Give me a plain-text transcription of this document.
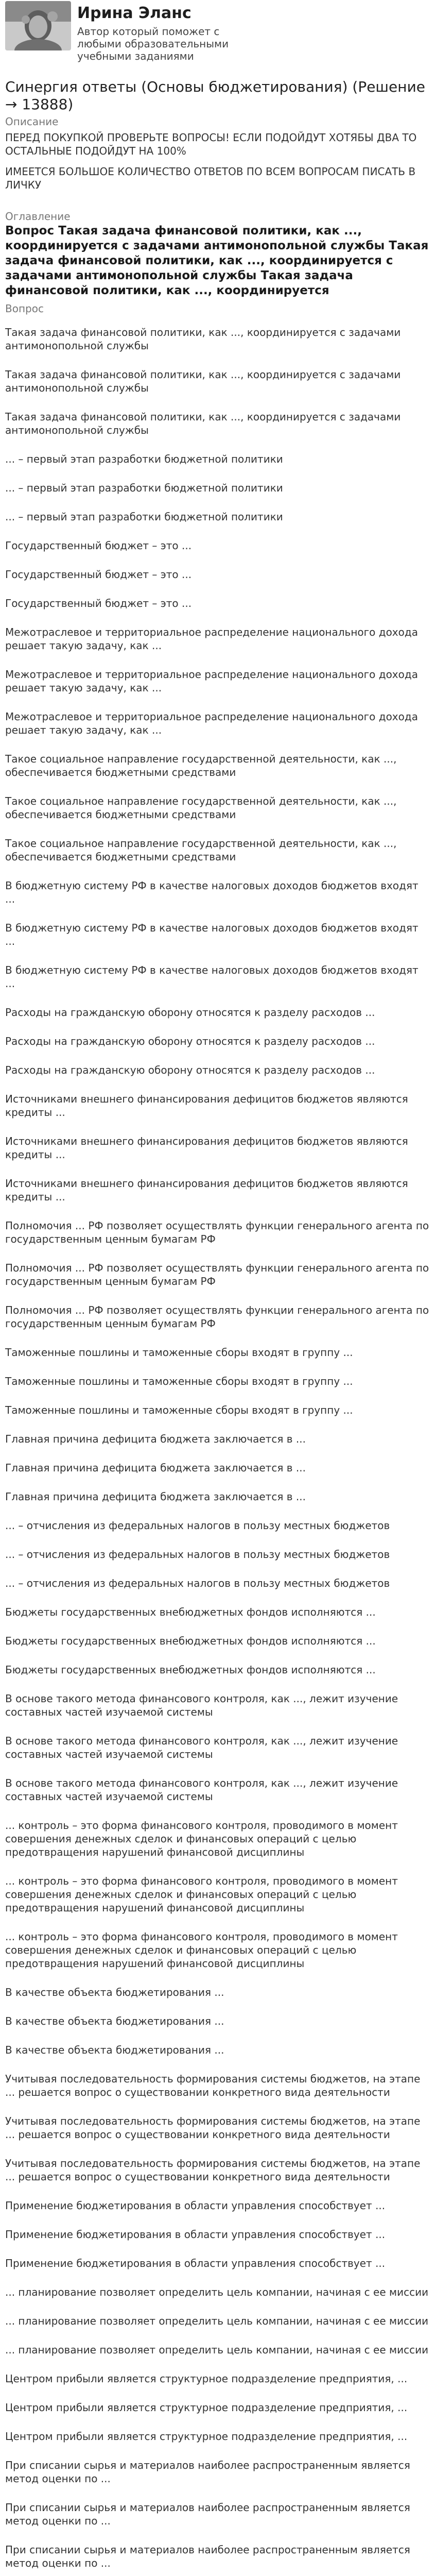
Ирина Эланс
Автор который поможет с любыми образовательными учебными заданиями
Синергия ответы (Основы бюджетирования) (Решение → 13888)
Описание
ПЕРЕД ПОКУПКОЙ ПРОВЕРЬТЕ ВОПРОСЫ! ЕСЛИ ПОДОЙДУТ ХОТЯБЫ ДВА ТО ОСТАЛЬНЫЕ ПОДОЙДУТ НА 100%
ИМЕЕТСЯ БОЛЬШОЕ КОЛИЧЕСТВО ОТВЕТОВ ПО ВСЕМ ВОПРОСАМ ПИСАТЬ В ЛИЧКУ
Оглавление
Вопрос Такая задача финансовой политики, как ..., координируется с задачами антимонопольной службы Такая задача финансовой политики, как ..., координируется с задачами антимонопольной службы Такая задача финансовой политики, как ..., координируется
Вопрос
Такая задача финансовой политики, как ..., координируется с задачами антимонопольной службы
Такая задача финансовой политики, как ..., координируется с задачами антимонопольной службы
Такая задача финансовой политики, как ..., координируется с задачами антимонопольной службы
... – первый этап разработки бюджетной политики
... – первый этап разработки бюджетной политики
... – первый этап разработки бюджетной политики
Государственный бюджет – это ...
Государственный бюджет – это ...
Государственный бюджет – это ...
Межотраслевое и территориальное распределение национального дохода решает такую задачу, как ...
Межотраслевое и территориальное распределение национального дохода решает такую задачу, как ...
Межотраслевое и территориальное распределение национального дохода решает такую задачу, как ...
Такое социальное направление государственной деятельности, как ..., обеспечивается бюджетными средствами
Такое социальное направление государственной деятельности, как ..., обеспечивается бюджетными средствами
Такое социальное направление государственной деятельности, как ..., обеспечивается бюджетными средствами
В бюджетную систему РФ в качестве налоговых доходов бюджетов входят ...
В бюджетную систему РФ в качестве налоговых доходов бюджетов входят ...
В бюджетную систему РФ в качестве налоговых доходов бюджетов входят ...
Расходы на гражданскую оборону относятся к разделу расходов ...
Расходы на гражданскую оборону относятся к разделу расходов ...
Расходы на гражданскую оборону относятся к разделу расходов ...
Источниками внешнего финансирования дефицитов бюджетов являются кредиты ...
Источниками внешнего финансирования дефицитов бюджетов являются кредиты ...
Источниками внешнего финансирования дефицитов бюджетов являются кредиты ...
Полномочия ... РФ позволяет осуществлять функции генерального агента по государственным ценным бумагам РФ
Полномочия ... РФ позволяет осуществлять функции генерального агента по государственным ценным бумагам РФ
Полномочия ... РФ позволяет осуществлять функции генерального агента по государственным ценным бумагам РФ
Таможенные пошлины и таможенные сборы входят в группу ...
Таможенные пошлины и таможенные сборы входят в группу ...
Таможенные пошлины и таможенные сборы входят в группу ...
Главная причина дефицита бюджета заключается в ...
Главная причина дефицита бюджета заключается в ...
Главная причина дефицита бюджета заключается в ...
... – отчисления из федеральных налогов в пользу местных бюджетов
... – отчисления из федеральных налогов в пользу местных бюджетов
... – отчисления из федеральных налогов в пользу местных бюджетов
Бюджеты государственных внебюджетных фондов исполняются ...
Бюджеты государственных внебюджетных фондов исполняются ...
Бюджеты государственных внебюджетных фондов исполняются ...
В основе такого метода финансового контроля, как ..., лежит изучение составных частей изучаемой системы
В основе такого метода финансового контроля, как ..., лежит изучение составных частей изучаемой системы
В основе такого метода финансового контроля, как ..., лежит изучение составных частей изучаемой системы
... контроль – это форма финансового контроля, проводимого в момент совершения денежных сделок и финансовых операций с целью предотвращения нарушений финансовой дисциплины
... контроль – это форма финансового контроля, проводимого в момент совершения денежных сделок и финансовых операций с целью предотвращения нарушений финансовой дисциплины
... контроль – это форма финансового контроля, проводимого в момент совершения денежных сделок и финансовых операций с целью предотвращения нарушений финансовой дисциплины
В качестве объекта бюджетирования ...
В качестве объекта бюджетирования ...
В качестве объекта бюджетирования ...
Учитывая последовательность формирования системы бюджетов, на этапе ... решается вопрос о существовании конкретного вида деятельности
Учитывая последовательность формирования системы бюджетов, на этапе ... решается вопрос о существовании конкретного вида деятельности
Учитывая последовательность формирования системы бюджетов, на этапе ... решается вопрос о существовании конкретного вида деятельности
Применение бюджетирования в области управления способствует ...
Применение бюджетирования в области управления способствует ...
Применение бюджетирования в области управления способствует ...
... планирование позволяет определить цель компании, начиная с ее миссии
... планирование позволяет определить цель компании, начиная с ее миссии
... планирование позволяет определить цель компании, начиная с ее миссии
Центром прибыли является структурное подразделение предприятия, ...
Центром прибыли является структурное подразделение предприятия, ...
Центром прибыли является структурное подразделение предприятия, ...
При списании сырья и материалов наиболее распространенным является метод оценки по ...
При списании сырья и материалов наиболее распространенным является метод оценки по ...
При списании сырья и материалов наиболее распространенным является метод оценки по ...
